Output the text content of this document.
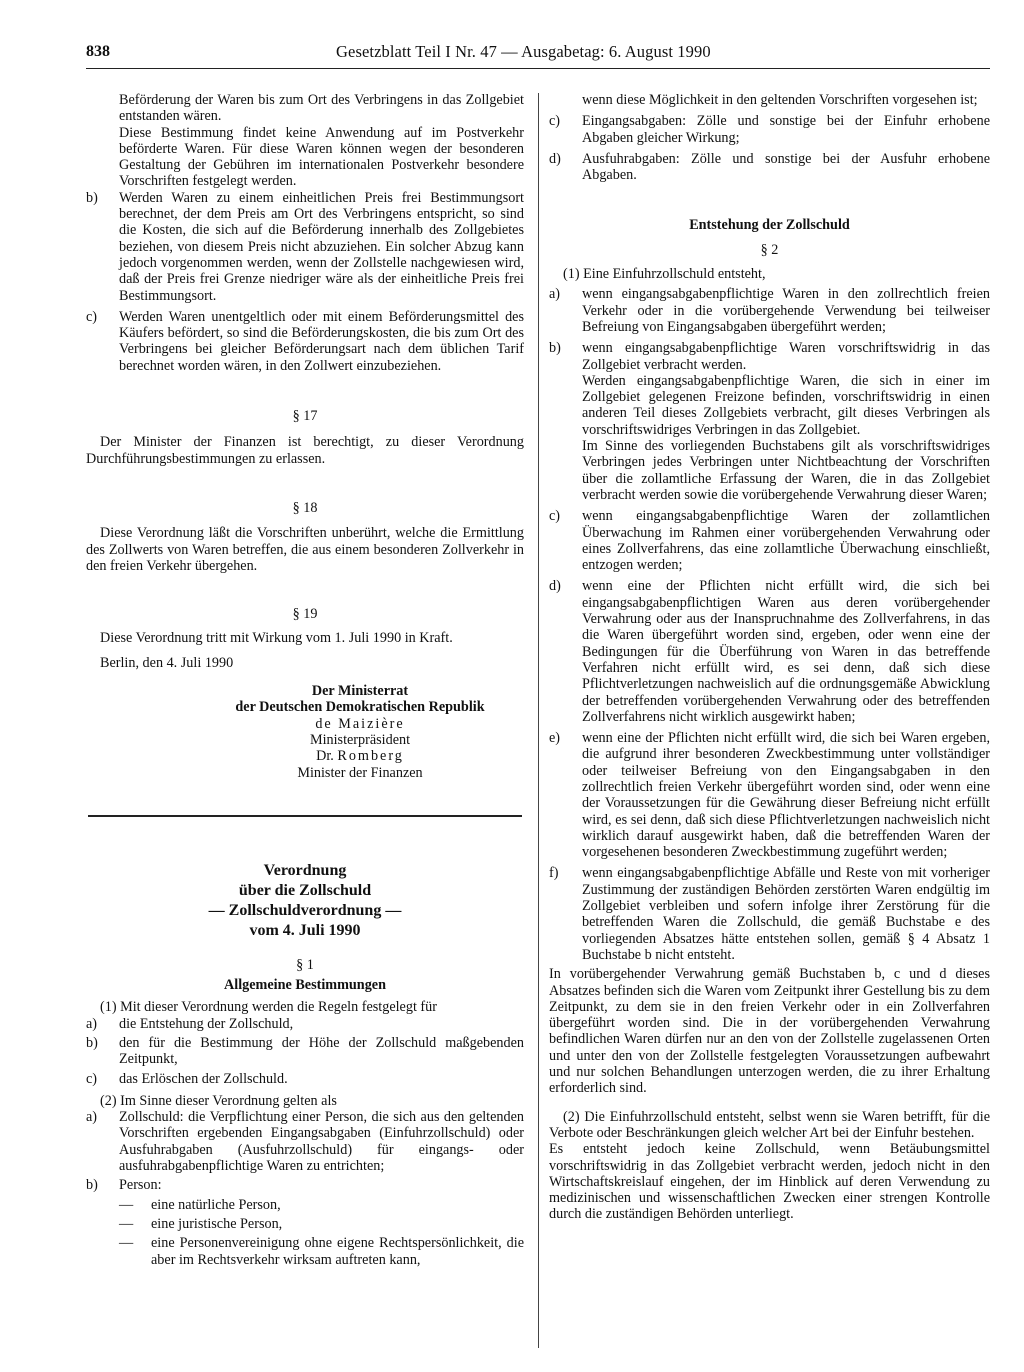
838	Gesetzblatt Teil I Nr. 47 — Ausgabetag: 6. August 1990

Beförderung der Waren bis zum Ort des Verbringens in das Zollgebiet entstanden wären.

Diese Bestimmung findet keine Anwendung auf im Postverkehr beförderte Waren. Für diese Waren können wegen der besonderen Gestaltung der Gebühren im internationalen Postverkehr besondere Vorschriften festgelegt werden.

b)	Werden Waren zu einem einheitlichen Preis frei Bestimmungsort berechnet, der dem Preis am Ort des Verbringens entspricht, so sind die Kosten, die sich auf die Beförderung innerhalb des Zollgebietes beziehen, von diesem Preis nicht abzuziehen. Ein solcher Abzug kann jedoch vorgenommen werden, wenn der Zollstelle nachgewiesen wird, daß der Preis frei Grenze niedriger wäre als der einheitliche Preis frei Bestimmungsort.

c)	Werden Waren unentgeltlich oder mit einem Beförderungsmittel des Käufers befördert, so sind die Beförderungskosten, die bis zum Ort des Verbringens bei gleicher Beförderungsart nach dem üblichen Tarif berechnet worden wären, in den Zollwert einzubeziehen.

§ 17

Der Minister der Finanzen ist berechtigt, zu dieser Verordnung Durchführungsbestimmungen zu erlassen.

§ 18

Diese Verordnung läßt die Vorschriften unberührt, welche die Ermittlung des Zollwerts von Waren betreffen, die aus einem besonderen Zollverkehr in den freien Verkehr übergehen.

§ 19

Diese Verordnung tritt mit Wirkung vom 1. Juli 1990 in Kraft.

Berlin, den 4. Juli 1990

Der Ministerrat

der Deutschen Demokratischen Republik

de Maizière

Ministerpräsident

Dr. Romberg

Minister der Finanzen

Verordnung

über die Zollschuld

— Zollschuldverordnung —

vom 4. Juli 1990

§ 1

Allgemeine Bestimmungen

(1) Mit dieser Verordnung werden die Regeln festgelegt für

a)	die Entstehung der Zollschuld,

b)	den für die Bestimmung der Höhe der Zollschuld maßgebenden Zeitpunkt,

c)	das Erlöschen der Zollschuld.

(2) Im Sinne dieser Verordnung gelten als

a)	Zollschuld: die Verpflichtung einer Person, die sich aus den geltenden Vorschriften ergebenden Eingangsabgaben (Einfuhrzollschuld) oder Ausfuhrabgaben (Ausfuhrzollschuld) für eingangs- oder ausfuhrabgabenpflichtige Waren zu entrichten;

b)	Person:

—	eine natürliche Person,

—	eine juristische Person,

—	eine Personenvereinigung ohne eigene Rechtspersönlichkeit, die aber im Rechtsverkehr wirksam auftreten kann,

wenn diese Möglichkeit in den geltenden Vorschriften vorgesehen ist;

c)	Eingangsabgaben: Zölle und sonstige bei der Einfuhr erhobene Abgaben gleicher Wirkung;

d)	Ausfuhrabgaben: Zölle und sonstige bei der Ausfuhr erhobene Abgaben.

Entstehung der Zollschuld

§ 2

(1) Eine Einfuhrzollschuld entsteht,

a)	wenn eingangsabgabenpflichtige Waren in den zollrechtlich freien Verkehr oder in die vorübergehende Verwendung bei teilweiser Befreiung von Eingangsabgaben übergeführt werden;

b)	wenn eingangsabgabenpflichtige Waren vorschriftswidrig in das Zollgebiet verbracht werden.

Werden eingangsabgabenpflichtige Waren, die sich in einer im Zollgebiet gelegenen Freizone befinden, vorschriftswidrig in einen anderen Teil dieses Zollgebiets verbracht, gilt dieses Verbringen als vorschriftswidriges Verbringen in das Zollgebiet.

Im Sinne des vorliegenden Buchstabens gilt als vorschriftswidriges Verbringen jedes Verbringen unter Nichtbeachtung der Vorschriften über die zollamtliche Erfassung der Waren, die in das Zollgebiet verbracht werden sowie die vorübergehende Verwahrung dieser Waren;

c)	wenn eingangsabgabenpflichtige Waren der zollamtlichen Überwachung im Rahmen einer vorübergehenden Verwahrung oder eines Zollverfahrens, das eine zollamtliche Überwachung einschließt, entzogen werden;

d)	wenn eine der Pflichten nicht erfüllt wird, die sich bei eingangsabgabenpflichtigen Waren aus deren vorübergehender Verwahrung oder aus der Inanspruchnahme des Zollverfahrens, in das die Waren übergeführt worden sind, ergeben, oder wenn eine der Bedingungen für die Überführung von Waren in das betreffende Verfahren nicht erfüllt wird, es sei denn, daß sich diese Pflichtverletzungen nachweislich auf die ordnungsgemäße Abwicklung der betreffenden vorübergehenden Verwahrung oder des betreffenden Zollverfahrens nicht wirklich ausgewirkt haben;

e)	wenn eine der Pflichten nicht erfüllt wird, die sich bei Waren ergeben, die aufgrund ihrer besonderen Zweckbestimmung unter vollständiger oder teilweiser Befreiung von den Eingangsabgaben in den zollrechtlich freien Verkehr übergeführt worden sind, oder wenn eine der Voraussetzungen für die Gewährung dieser Befreiung nicht erfüllt wird, es sei denn, daß sich diese Pflichtverletzungen nachweislich nicht wirklich darauf ausgewirkt haben, daß die betreffenden Waren der vorgesehenen besonderen Zweckbestimmung zugeführt werden;

f)	wenn eingangsabgabenpflichtige Abfälle und Reste von mit vorheriger Zustimmung der zuständigen Behörden zerstörten Waren endgültig im Zollgebiet verbleiben und sofern infolge ihrer Zerstörung für die betreffenden Waren die Zollschuld, die gemäß Buchstabe e des vorliegenden Absatzes hätte entstehen sollen, gemäß § 4 Absatz 1 Buchstabe b nicht entsteht.

In vorübergehender Verwahrung gemäß Buchstaben b, c und d dieses Absatzes befinden sich die Waren vom Zeitpunkt ihrer Gestellung bis zu dem Zeitpunkt, zu dem sie in den freien Verkehr oder in ein Zollverfahren übergeführt worden sind. Die in der vorübergehenden Verwahrung befindlichen Waren dürfen nur an den von der Zollstelle zugelassenen Orten und unter den von der Zollstelle festgelegten Voraussetzungen aufbewahrt und nur solchen Behandlungen unterzogen werden, die zu ihrer Erhaltung erforderlich sind.

(2) Die Einfuhrzollschuld entsteht, selbst wenn sie Waren betrifft, für die Verbote oder Beschränkungen gleich welcher Art bei der Einfuhr bestehen.

Es entsteht jedoch keine Zollschuld, wenn Betäubungsmittel vorschriftswidrig in das Zollgebiet verbracht werden, jedoch nicht in den Wirtschaftskreislauf eingehen, der im Hinblick auf deren Verwendung zu medizinischen und wissenschaftlichen Zwecken einer strengen Kontrolle durch die zuständigen Behörden unterliegt.
